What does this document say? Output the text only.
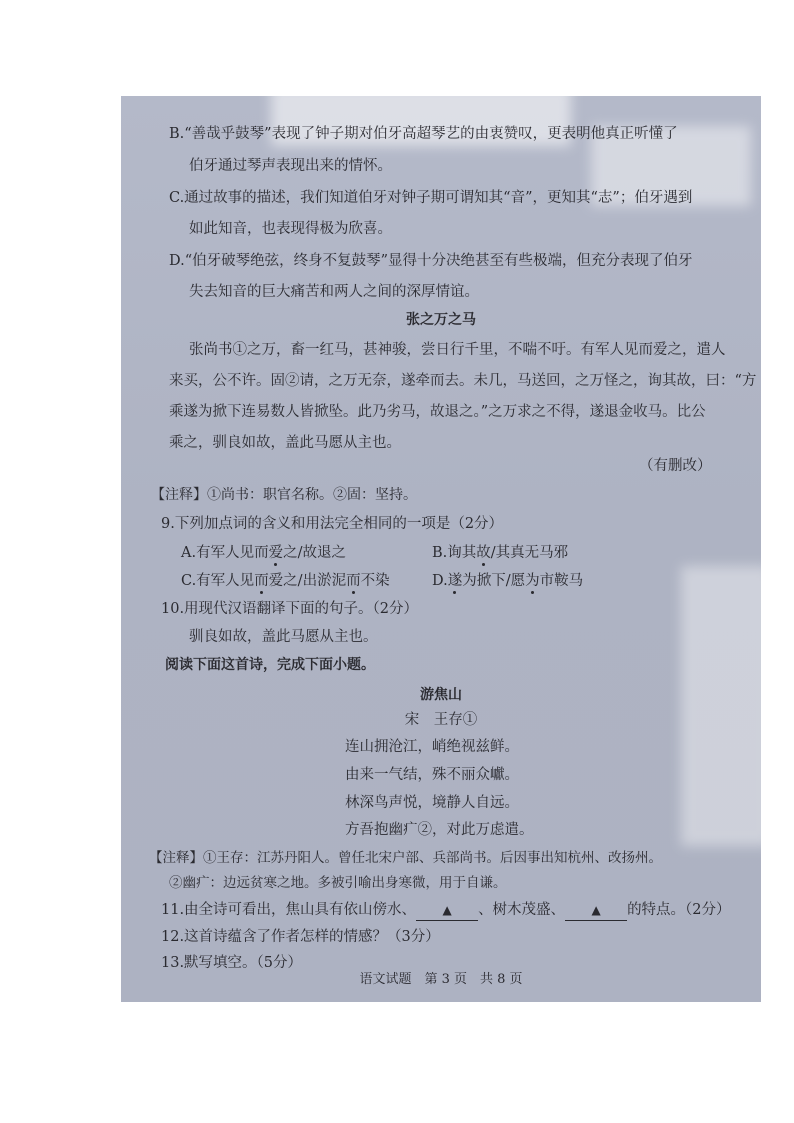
B.“善哉乎鼓琴”表现了钟子期对伯牙高超琴艺的由衷赞叹，更表明他真正听懂了
伯牙通过琴声表现出来的情怀。
C.通过故事的描述，我们知道伯牙对钟子期可谓知其“音”，更知其“志”；伯牙遇到
如此知音，也表现得极为欣喜。
D.“伯牙破琴绝弦，终身不复鼓琴”显得十分决绝甚至有些极端，但充分表现了伯牙
失去知音的巨大痛苦和两人之间的深厚情谊。
张之万之马
张尚书①之万，畜一红马，甚神骏，尝日行千里，不喘不吁。有军人见而爱之，遣人
来买，公不许。固②请，之万无奈，遂牵而去。未几，马送回，之万怪之，询其故，曰：“方
乘遂为掀下连易数人皆掀坠。此乃劣马，故退之。”之万求之不得，遂退金收马。比公
乘之，驯良如故，盖此马愿从主也。
（有删改）
【注释】①尚书：职官名称。②固：坚持。
9.下列加点词的含义和用法完全相同的一项是（2分）
A.有军人见而爱之/故退之	B.询其故/其真无马邪
C.有军人见而爱之/出淤泥而不染	D.遂为掀下/愿为市鞍马
10.用现代汉语翻译下面的句子。（2分）
驯良如故，盖此马愿从主也。
阅读下面这首诗，完成下面小题。
游焦山
宋　王存①
连山拥沧江，峭绝视兹鲜。
由来一气结，殊不丽众巘。
林深鸟声悦，境静人自远。
方吾抱幽疒②，对此万虑遣。
【注释】①王存：江苏丹阳人。曾任北宋户部、兵部尚书。后因事出知杭州、改扬州。
②幽疒：边远贫寒之地。多被引喻出身寒微，用于自谦。
11.由全诗可看出，焦山具有依山傍水、 ▲ 、树木茂盛、 ▲ 的特点。（2分）
12.这首诗蕴含了作者怎样的情感？（3分）
13.默写填空。（5分）
语文试题　第 3 页　共 8 页
